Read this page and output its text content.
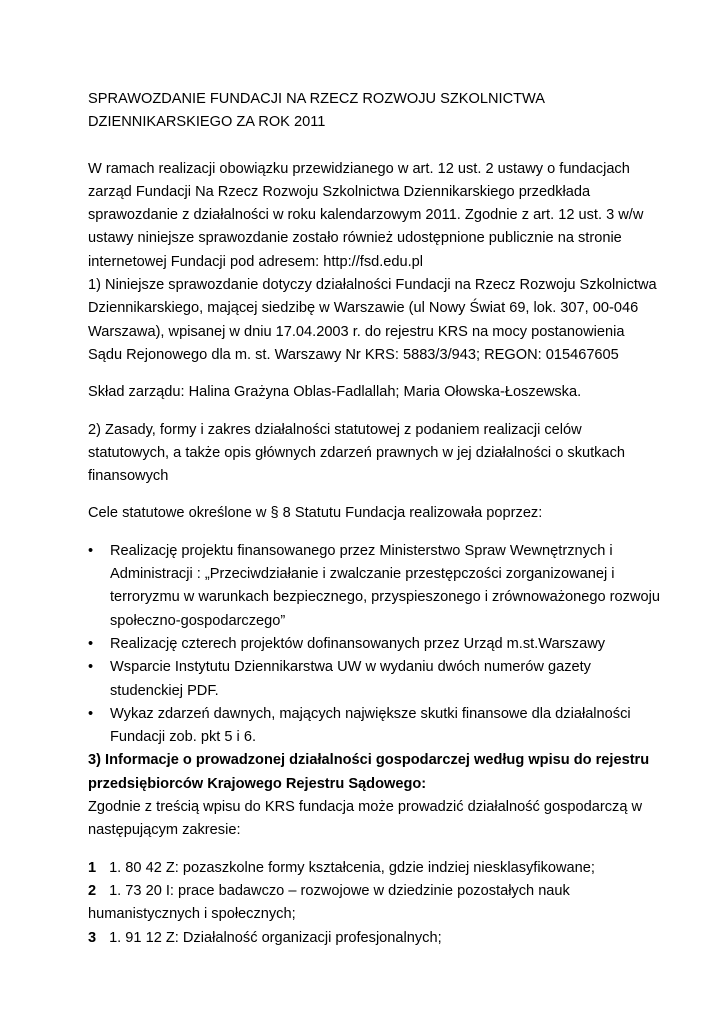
SPRAWOZDANIE FUNDACJI NA RZECZ ROZWOJU SZKOLNICTWA

DZIENNIKARSKIEGO ZA ROK 2011

W ramach realizacji obowiązku przewidzianego w art. 12 ust. 2 ustawy o fundacjach

zarząd Fundacji Na Rzecz Rozwoju Szkolnictwa Dziennikarskiego przedkłada

sprawozdanie z działalności w roku kalendarzowym 2011. Zgodnie z art. 12 ust. 3 w/w

ustawy niniejsze sprawozdanie zostało również udostępnione publicznie na stronie

internetowej Fundacji pod adresem: http://fsd.edu.pl

1) Niniejsze sprawozdanie dotyczy działalności Fundacji na Rzecz Rozwoju Szkolnictwa

Dziennikarskiego, mającej siedzibę w Warszawie (ul Nowy Świat 69, lok. 307, 00-046

Warszawa), wpisanej w dniu 17.04.2003 r. do rejestru KRS na mocy postanowienia

Sądu Rejonowego dla m. st. Warszawy Nr KRS: 5883/3/943; REGON: 015467605

Skład zarządu: Halina Grażyna Oblas-Fadlallah; Maria Ołowska-Łoszewska.

2) Zasady, formy i zakres działalności statutowej z podaniem realizacji celów

statutowych, a także opis głównych zdarzeń prawnych w jej działalności o skutkach

finansowych

Cele statutowe określone w § 8 Statutu Fundacja realizowała poprzez:

•	Realizację projektu finansowanego przez Ministerstwo Spraw Wewnętrznych i

Administracji : „Przeciwdziałanie i zwalczanie przestępczości zorganizowanej i

terroryzmu w warunkach bezpiecznego, przyspieszonego i zrównoważonego rozwoju

społeczno-gospodarczego”

•	Realizację czterech projektów dofinansowanych przez Urząd m.st.Warszawy

•	Wsparcie Instytutu Dziennikarstwa UW w wydaniu dwóch numerów gazety

studenckiej PDF.

•	Wykaz zdarzeń dawnych, mających największe skutki finansowe dla działalności

Fundacji zob. pkt 5 i 6.

3) Informacje o prowadzonej działalności gospodarczej według wpisu do rejestru

przedsiębiorców Krajowego Rejestru Sądowego:

Zgodnie z treścią wpisu do KRS fundacja może prowadzić działalność gospodarczą w

następującym zakresie:

1 1. 80 42 Z: pozaszkolne formy kształcenia, gdzie indziej niesklasyfikowane;

2 1. 73 20 I: prace badawczo – rozwojowe w dziedzinie pozostałych nauk

humanistycznych i społecznych;

3 1. 91 12 Z: Działalność organizacji profesjonalnych;
